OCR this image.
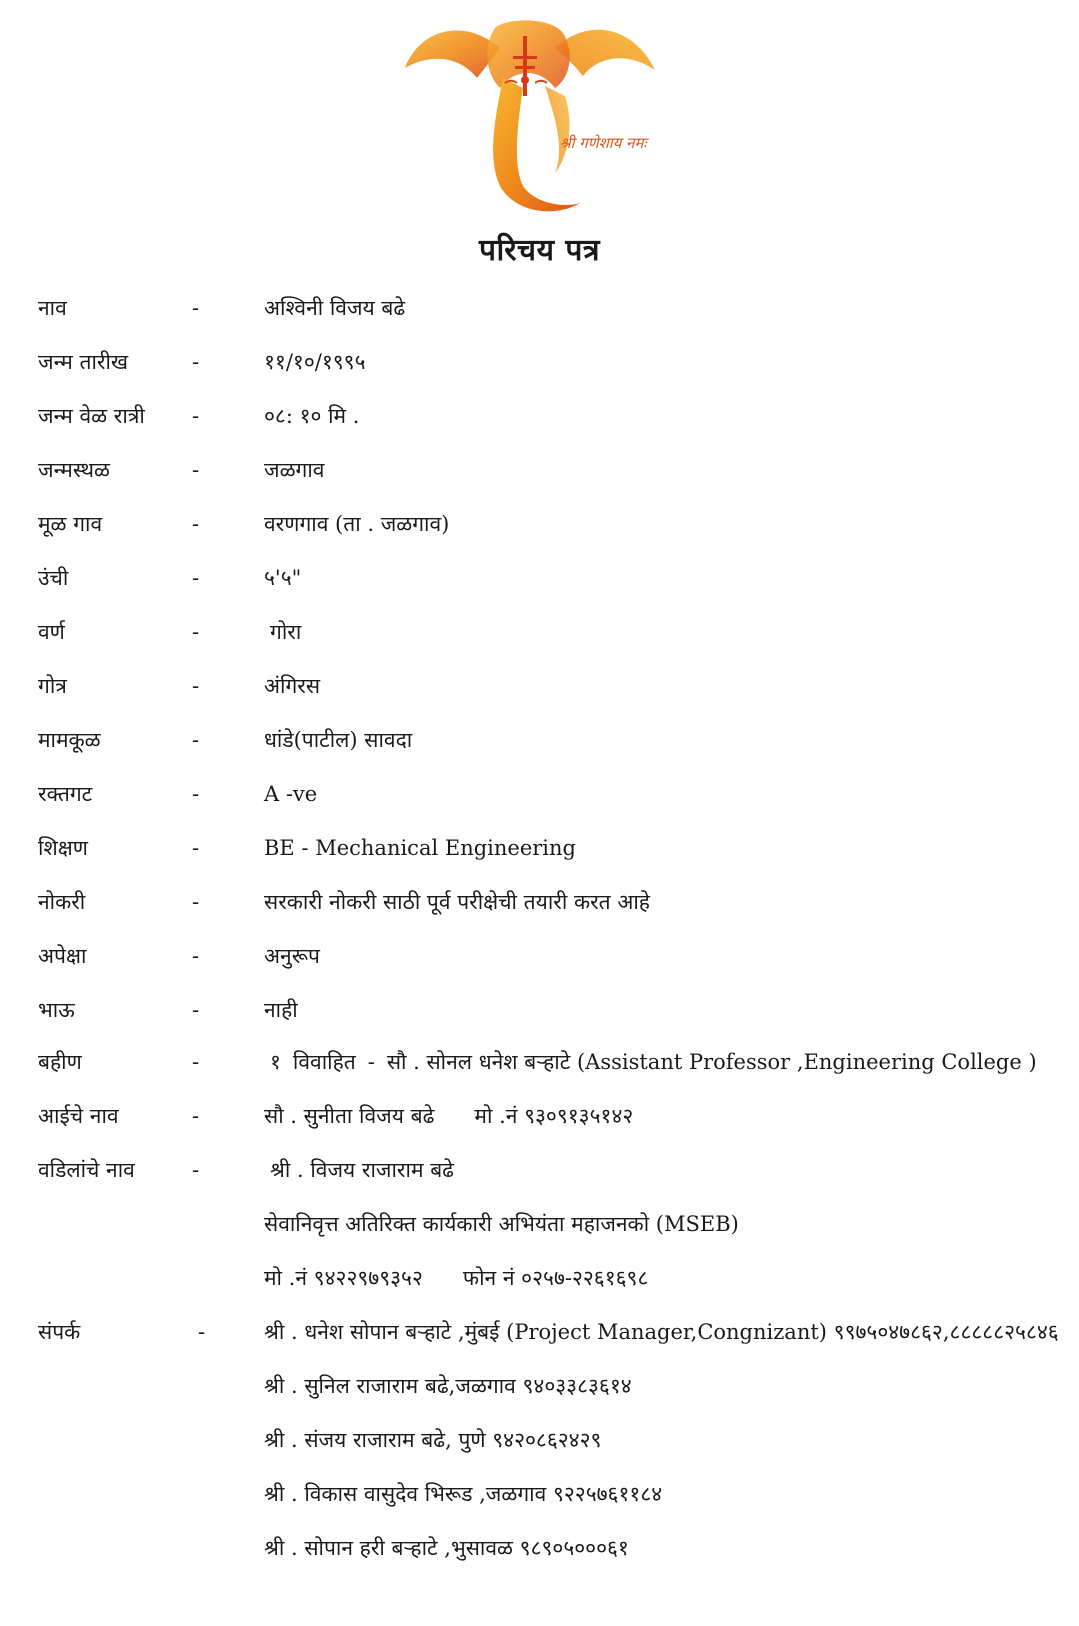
श्री गणेशाय नमः
परिचय पत्र
नाव	-	अश्विनी विजय बढे
जन्म तारीख	-	११/१०/१९९५
जन्म वेळ रात्री -	०८: १० मि .
जन्मस्थळ	-	जळगाव
मूळ गाव	-	वरणगाव (ता . जळगाव)
उंची	-	५'५"
वर्ण	-	गोरा
गोत्र	-	अंगिरस
मामकूळ	-	धांडे(पाटील) सावदा
रक्तगट	-	A -ve
शिक्षण	-	BE - Mechanical Engineering
नोकरी	-	सरकारी नोकरी साठी पूर्व परीक्षेची तयारी करत आहे
अपेक्षा	-	अनुरूप
भाऊ	-	नाही
बहीण	-	१ विवाहित - सौ . सोनल धनेश बऱ्हाटे (Assistant Professor ,Engineering College )
आईचे नाव	-	सौ . सुनीता विजय बढे मो .नं ९३०९१३५१४२
वडिलांचे नाव	-	श्री . विजय राजाराम बढे
सेवानिवृत्त अतिरिक्त कार्यकारी अभियंता महाजनको (MSEB)
मो .नं ९४२२९७९३५२ फोन नं ०२५७-२२६१६९८
संपर्क	-	श्री . धनेश सोपान बऱ्हाटे ,मुंबई (Project Manager,Congnizant) ९९७५०४७८६२,८८८८८२५८४६
श्री . सुनिल राजाराम बढे,जळगाव ९४०३३८३६१४
श्री . संजय राजाराम बढे, पुणे ९४२०८६२४२९
श्री . विकास वासुदेव भिरूड ,जळगाव ९२२५७६११८४
श्री . सोपान हरी बऱ्हाटे ,भुसावळ ९८९०५०००६१
